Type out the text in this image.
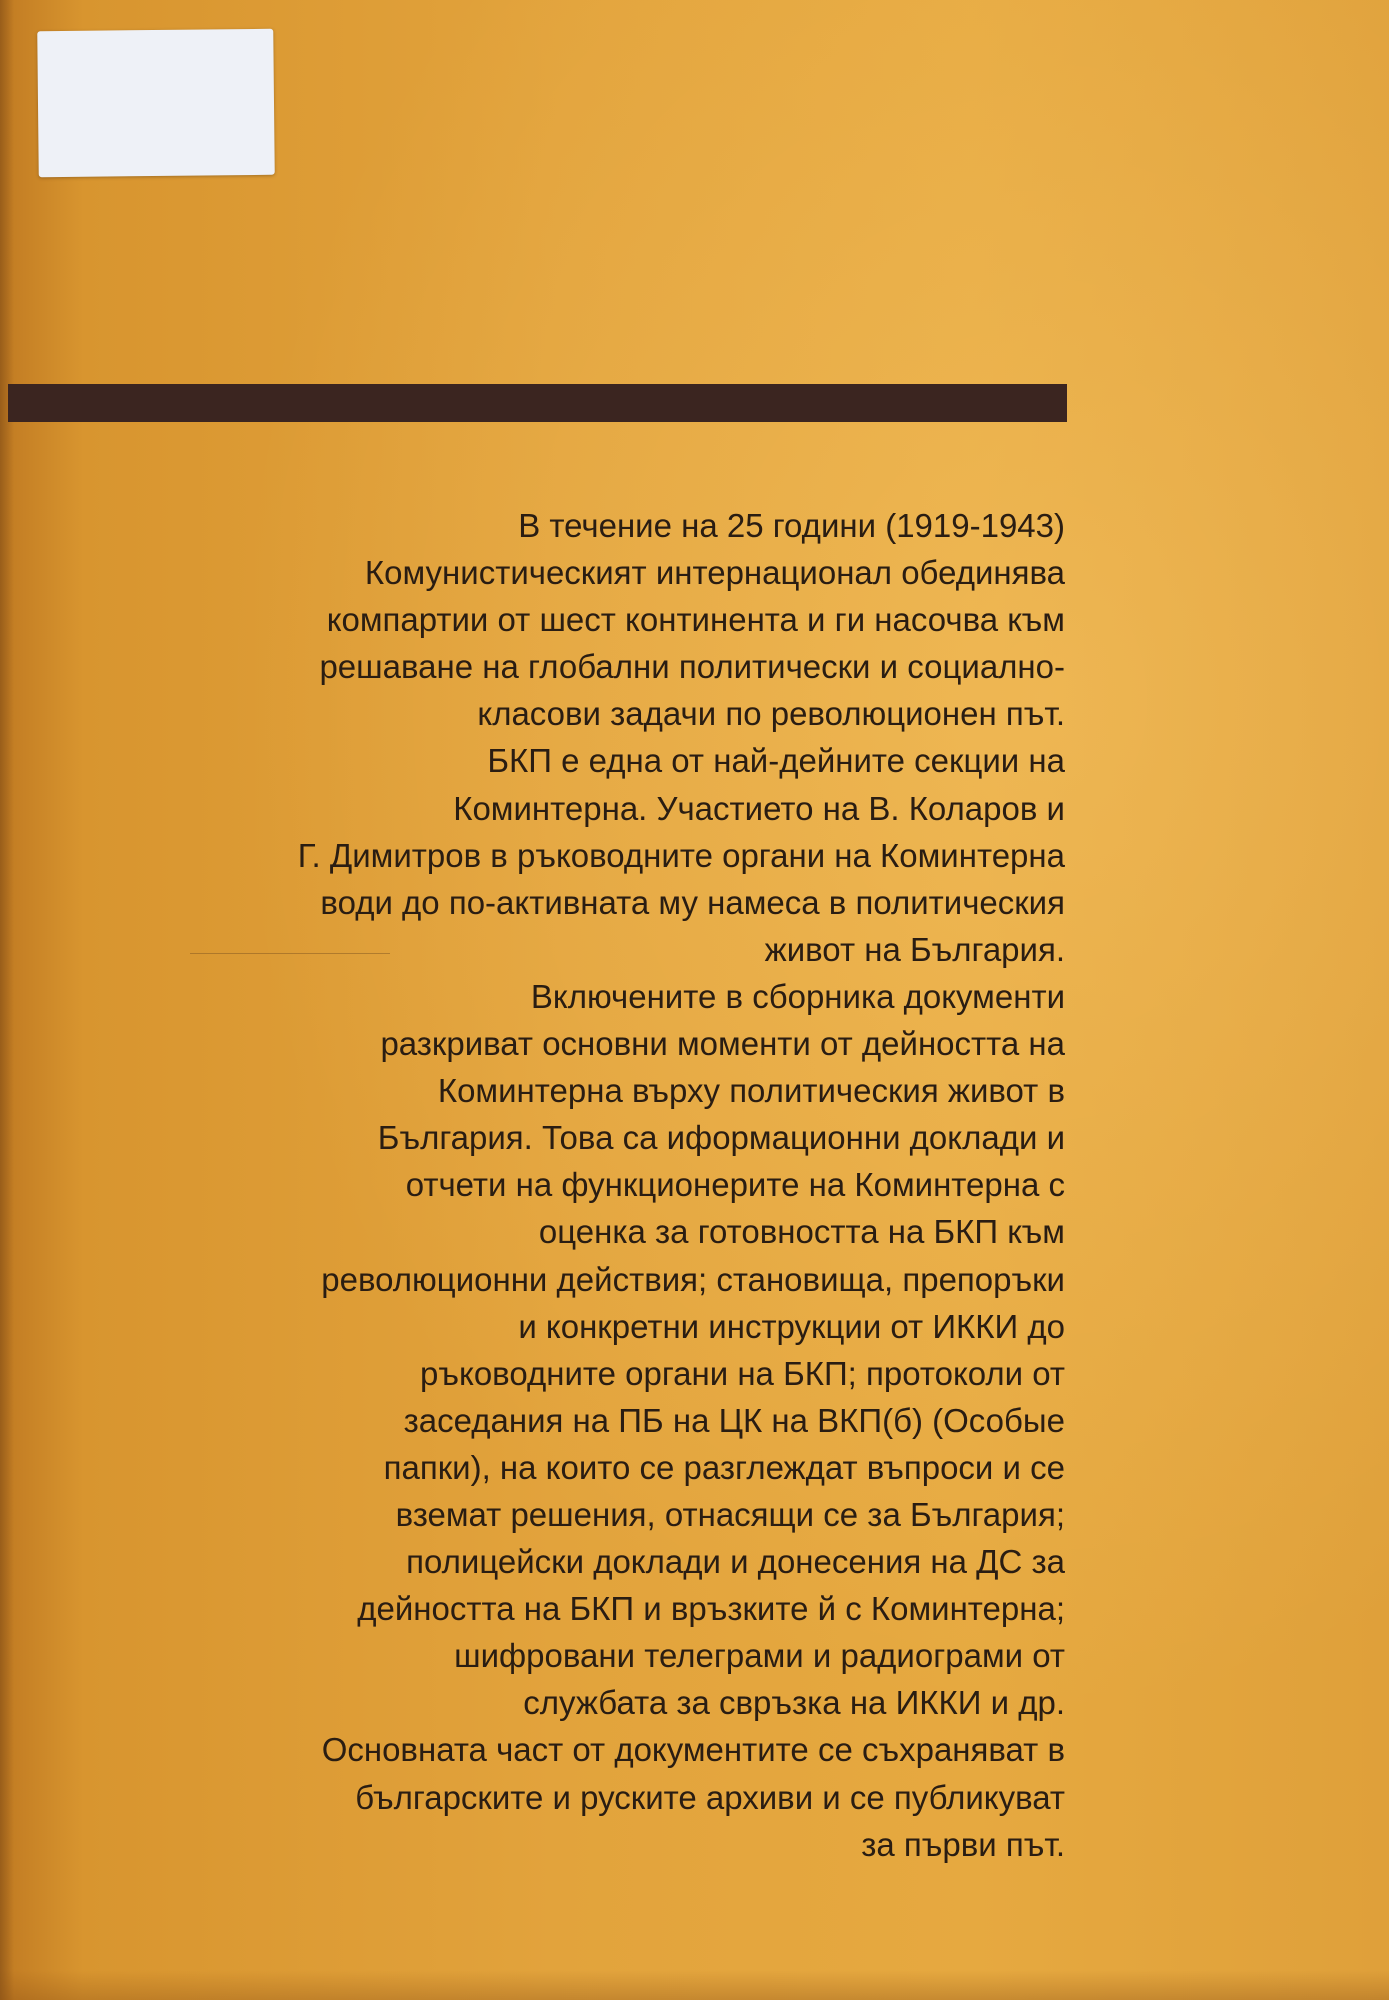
В течение на 25 години (1919-1943)
Комунистическият интернационал обединява
компартии от шест континента и ги насочва към
решаване на глобални политически и социално-
класови задачи по революционен път.
БКП е една от най-дейните секции на
Коминтерна. Участието на В. Коларов и
Г. Димитров в ръководните органи на Коминтерна
води до по-активната му намеса в политическия
живот на България.
Включените в сборника документи
разкриват основни моменти от дейността на
Коминтерна върху политическия живот в
България. Това са иформационни доклади и
отчети на функционерите на Коминтерна с
оценка за готовността на БКП към
революционни действия; становища, препоръки
и конкретни инструкции от ИККИ до
ръководните органи на БКП; протоколи от
заседания на ПБ на ЦК на ВКП(б) (Особые
папки), на които се разглеждат въпроси и се
вземат решения, отнасящи се за България;
полицейски доклади и донесения на ДС за
дейността на БКП и връзките й с Коминтерна;
шифровани телеграми и радиограми от
службата за свръзка на ИККИ и др.
Основната част от документите се съхраняват в
българските и руските архиви и се публикуват
за първи път.
